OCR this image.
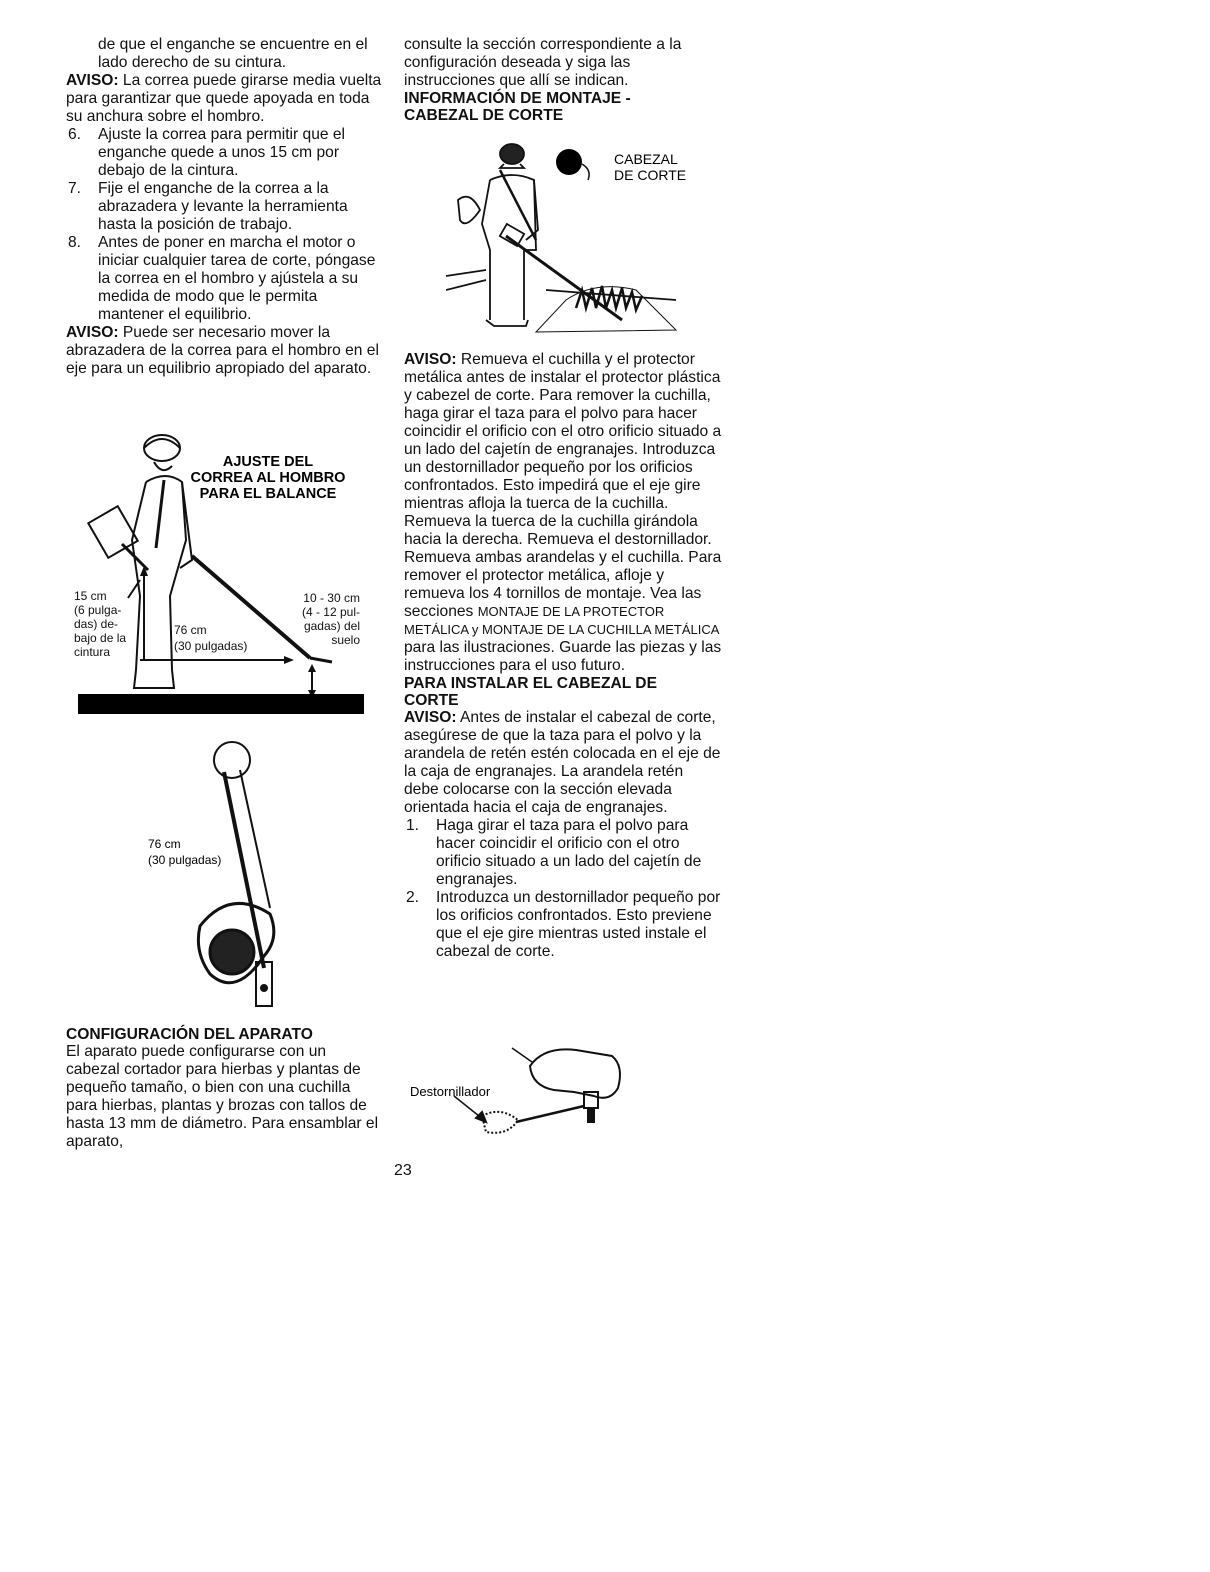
de que el enganche se encuentre en el lado derecho de su cintura.

AVISO: La correa puede girarse media vuelta para garantizar que quede apoyada en toda su anchura sobre el hombro.

6. Ajuste la correa para permitir que el enganche quede a unos 15 cm por debajo de la cintura.
7. Fije el enganche de la correa a la abrazadera y levante la herramienta hasta la posición de trabajo.
8. Antes de poner en marcha el motor o iniciar cualquier tarea de corte, póngase la correa en el hombro y ajústela a su medida de modo que le permita mantener el equilibrio.

AVISO: Puede ser necesario mover la abrazadera de la correa para el hombro en el eje para un equilibrio apropiado del aparato.

AJUSTE DEL
CORREA AL HOMBRO
PARA EL BALANCE
15 cm
(6 pulga-
das) de-
bajo de la
cintura
76 cm
(30 pulgadas)
10 - 30 cm
(4 - 12 pul-
gadas) del
suelo
76 cm
(30 pulgadas)

CONFIGURACIÓN DEL APARATO

El aparato puede configurarse con un cabezal cortador para hierbas y plantas de pequeño tamaño, o bien con una cuchilla para hierbas, plantas y brozas con tallos de hasta 13 mm de diámetro. Para ensamblar el aparato,

consulte la sección correspondiente a la configuración deseada y siga las instrucciones que allí se indican.

INFORMACIÓN DE MONTAJE -

CABEZAL DE CORTE

CABEZAL
DE CORTE

AVISO: Remueva el cuchilla y el protector metálica antes de instalar el protector plástica y cabezel de corte. Para remover la cuchilla, haga girar el taza para el polvo para hacer coincidir el orificio con el otro orificio situado a un lado del cajetín de engranajes. Introduzca un destornillador pequeño por los orificios confrontados. Esto impedirá que el eje gire mientras afloja la tuerca de la cuchilla. Remueva la tuerca de la cuchilla girándola hacia la derecha. Remueva el destornillador. Remueva ambas arandelas y el cuchilla. Para remover el protector metálica, afloje y remueva los 4 tornillos de montaje. Vea las secciones MONTAJE DE LA PROTECTOR METÁLICA y MONTAJE DE LA CUCHILLA METÁLICA para las ilustraciones. Guarde las piezas y las instrucciones para el uso futuro.

PARA INSTALAR EL CABEZAL DE

CORTE

AVISO: Antes de instalar el cabezal de corte, asegúrese de que la taza para el polvo y la arandela de retén estén colocada en el eje de la caja de engranajes. La arandela retén debe colocarse con la sección elevada orientada hacia el caja de engranajes.

1. Haga girar el taza para el polvo para hacer coincidir el orificio con el otro orificio situado a un lado del cajetín de engranajes.
2. Introduzca un destornillador pequeño por los orificios confrontados. Esto previene que el eje gire mientras usted instale el cabezal de corte.
Destornillador
23
